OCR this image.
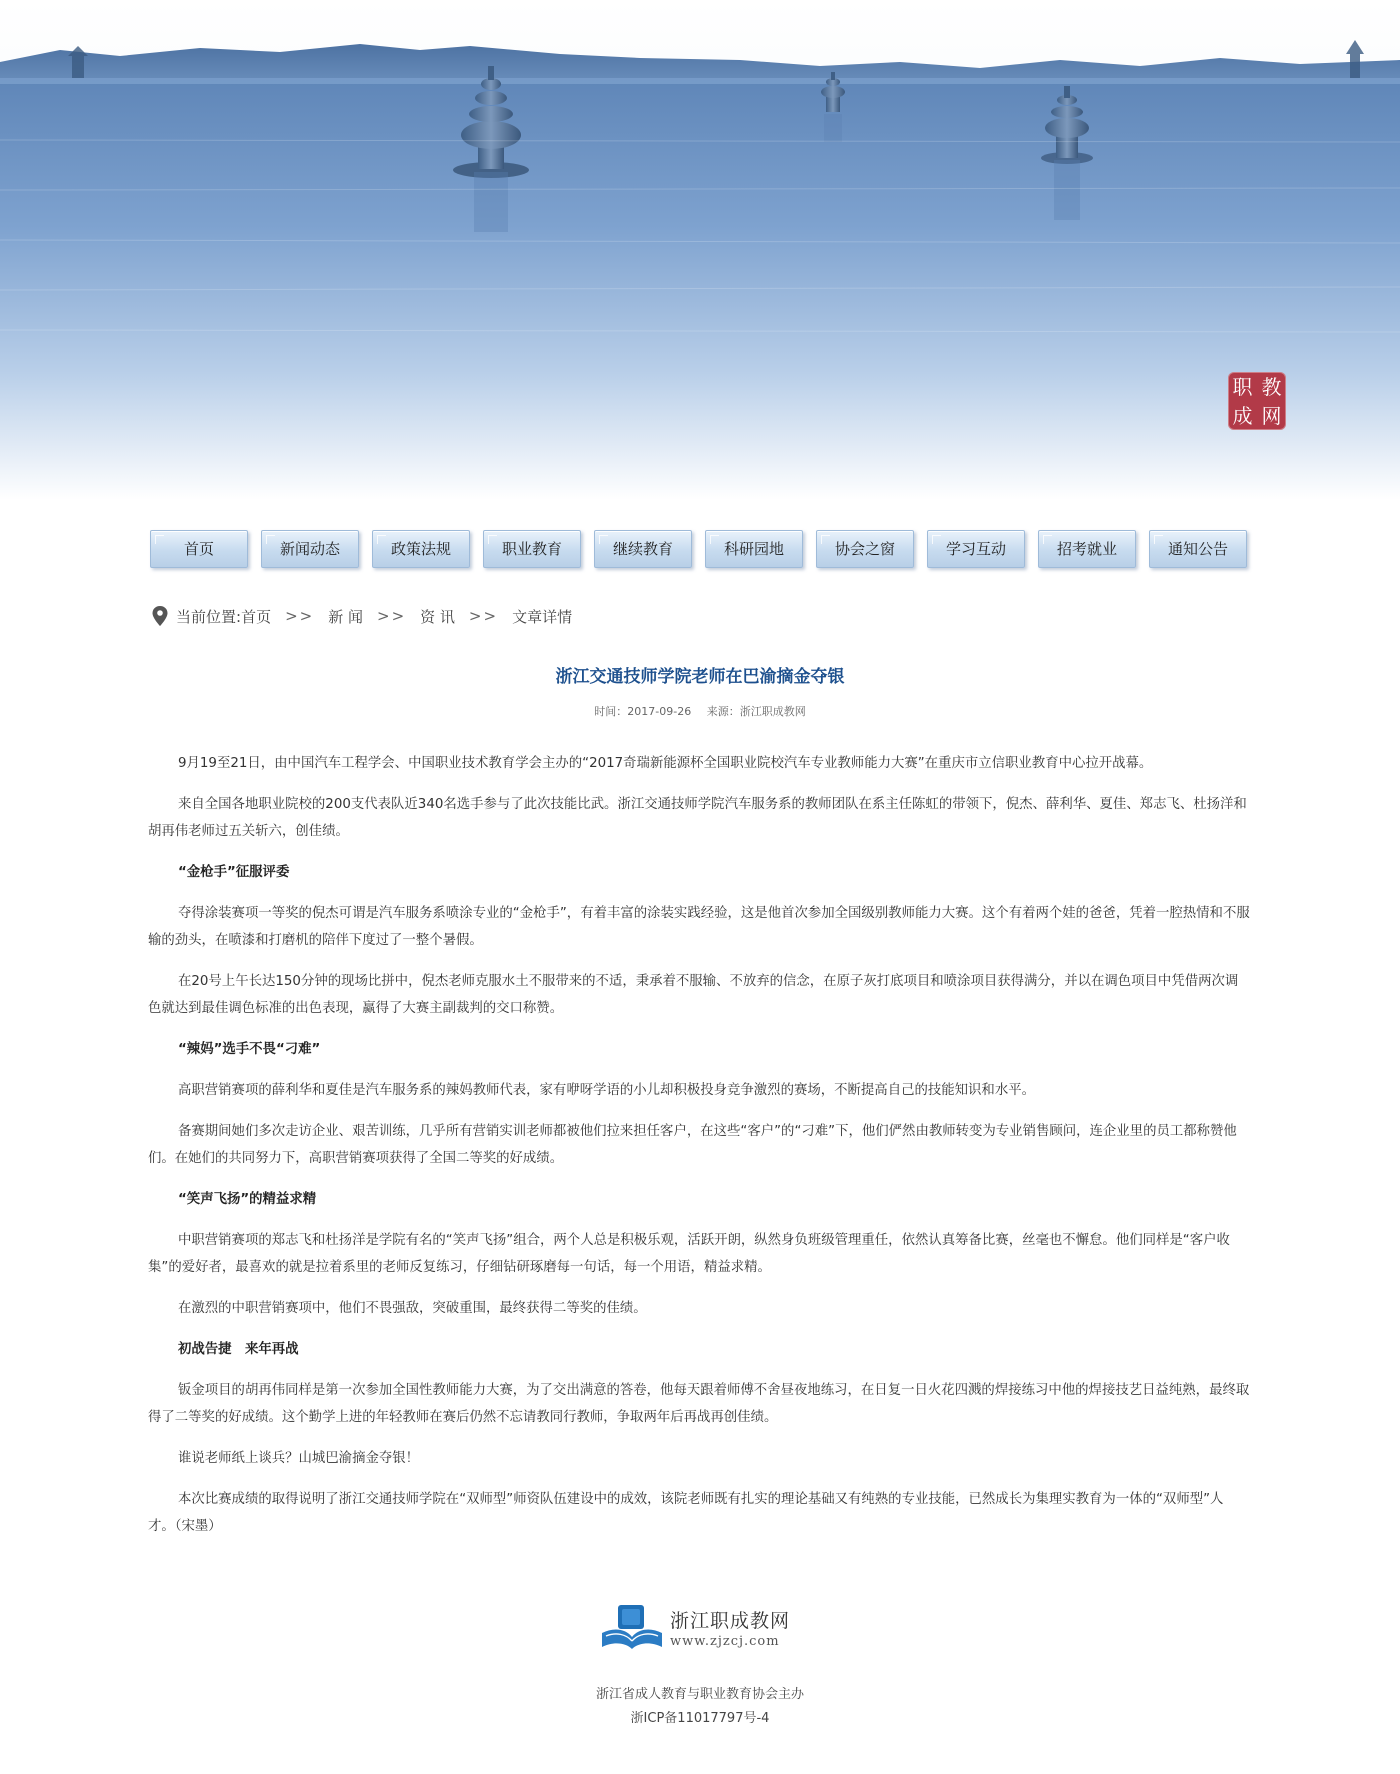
职 教
成 网
首页	新闻动态	政策法规	职业教育	继续教育	科研园地	协会之窗	学习互动	招考就业	通知公告
当前位置: 首页 >> 新 闻 >> 资 讯 >> 文章详情
浙江交通技师学院老师在巴渝摘金夺银
时间：2017-09-26 来源：浙江职成教网

9月19至21日，由中国汽车工程学会、中国职业技术教育学会主办的“2017奇瑞新能源杯全国职业院校汽车专业教师能力大赛”在重庆市立信职业教育中心拉开战幕。

来自全国各地职业院校的200支代表队近340名选手参与了此次技能比武。浙江交通技师学院汽车服务系的教师团队在系主任陈虹的带领下，倪杰、薛利华、夏佳、郑志飞、杜扬洋和胡再伟老师过五关斩六，创佳绩。

“金枪手”征服评委

夺得涂装赛项一等奖的倪杰可谓是汽车服务系喷涂专业的“金枪手”，有着丰富的涂装实践经验，这是他首次参加全国级别教师能力大赛。这个有着两个娃的爸爸，凭着一腔热情和不服输的劲头，在喷漆和打磨机的陪伴下度过了一整个暑假。

在20号上午长达150分钟的现场比拼中，倪杰老师克服水土不服带来的不适，秉承着不服输、不放弃的信念，在原子灰打底项目和喷涂项目获得满分，并以在调色项目中凭借两次调色就达到最佳调色标准的出色表现，赢得了大赛主副裁判的交口称赞。

“辣妈”选手不畏“刁难”

高职营销赛项的薛利华和夏佳是汽车服务系的辣妈教师代表，家有咿呀学语的小儿却积极投身竞争激烈的赛场，不断提高自己的技能知识和水平。

备赛期间她们多次走访企业、艰苦训练，几乎所有营销实训老师都被他们拉来担任客户，在这些“客户”的“刁难”下，他们俨然由教师转变为专业销售顾问，连企业里的员工都称赞他们。在她们的共同努力下，高职营销赛项获得了全国二等奖的好成绩。

“笑声飞扬”的精益求精

中职营销赛项的郑志飞和杜扬洋是学院有名的“笑声飞扬”组合，两个人总是积极乐观，活跃开朗，纵然身负班级管理重任，依然认真筹备比赛，丝毫也不懈怠。他们同样是“客户收集”的爱好者，最喜欢的就是拉着系里的老师反复练习，仔细钻研琢磨每一句话，每一个用语，精益求精。

在激烈的中职营销赛项中，他们不畏强敌，突破重围，最终获得二等奖的佳绩。

初战告捷　来年再战

钣金项目的胡再伟同样是第一次参加全国性教师能力大赛，为了交出满意的答卷，他每天跟着师傅不舍昼夜地练习，在日复一日火花四溅的焊接练习中他的焊接技艺日益纯熟，最终取得了二等奖的好成绩。这个勤学上进的年轻教师在赛后仍然不忘请教同行教师，争取两年后再战再创佳绩。

谁说老师纸上谈兵？山城巴渝摘金夺银！

本次比赛成绩的取得说明了浙江交通技师学院在“双师型”师资队伍建设中的成效，该院老师既有扎实的理论基础又有纯熟的专业技能，已然成长为集理实教育为一体的“双师型”人才。（宋墨）

浙江职成教网
www.zjzcj.com
浙江省成人教育与职业教育协会主办
浙ICP备11017797号-4
